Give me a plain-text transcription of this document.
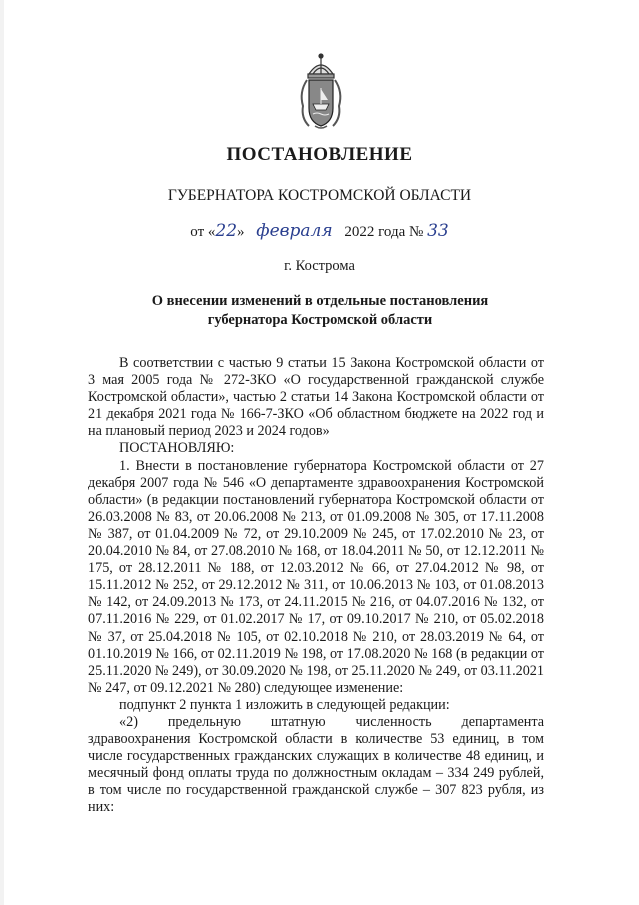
ПОСТАНОВЛЕНИЕ
ГУБЕРНАТОРА КОСТРОМСКОЙ ОБЛАСТИ
от «22» февраля 2022 года № 33
г. Кострома
О внесении изменений в отдельные постановления
губернатора Костромской области

В соответствии с частью 9 статьи 15 Закона Костромской области от 3 мая 2005 года № 272-ЗКО «О государственной гражданской службе Костромской области», частью 2 статьи 14 Закона Костромской области от 21 декабря 2021 года № 166-7-ЗКО «Об областном бюджете на 2022 год и на плановый период 2023 и 2024 годов»

ПОСТАНОВЛЯЮ:

1. Внести в постановление губернатора Костромской области от 27 декабря 2007 года № 546 «О департаменте здравоохранения Костромской области» (в редакции постановлений губернатора Костромской области от 26.03.2008 № 83, от 20.06.2008 № 213, от 01.09.2008 № 305, от 17.11.2008 № 387, от 01.04.2009 № 72, от 29.10.2009 № 245, от 17.02.2010 № 23, от 20.04.2010 № 84, от 27.08.2010 № 168, от 18.04.2011 № 50, от 12.12.2011 № 175, от 28.12.2011 № 188, от 12.03.2012 № 66, от 27.04.2012 № 98, от 15.11.2012 № 252, от 29.12.2012 № 311, от 10.06.2013 № 103, от 01.08.2013 № 142, от 24.09.2013 № 173, от 24.11.2015 № 216, от 04.07.2016 № 132, от 07.11.2016 № 229, от 01.02.2017 № 17, от 09.10.2017 № 210, от 05.02.2018 № 37, от 25.04.2018 № 105, от 02.10.2018 № 210, от 28.03.2019 № 64, от 01.10.2019 № 166, от 02.11.2019 № 198, от 17.08.2020 № 168 (в редакции от 25.11.2020 № 249), от 30.09.2020 № 198, от 25.11.2020 № 249, от 03.11.2021 № 247, от 09.12.2021 № 280) следующее изменение:

подпункт 2 пункта 1 изложить в следующей редакции:

«2) предельную штатную численность департамента здравоохранения Костромской области в количестве 53 единиц, в том числе государственных гражданских служащих в количестве 48 единиц, и месячный фонд оплаты труда по должностным окладам – 334 249 рублей, в том числе по государственной гражданской службе – 307 823 рубля, из них:
